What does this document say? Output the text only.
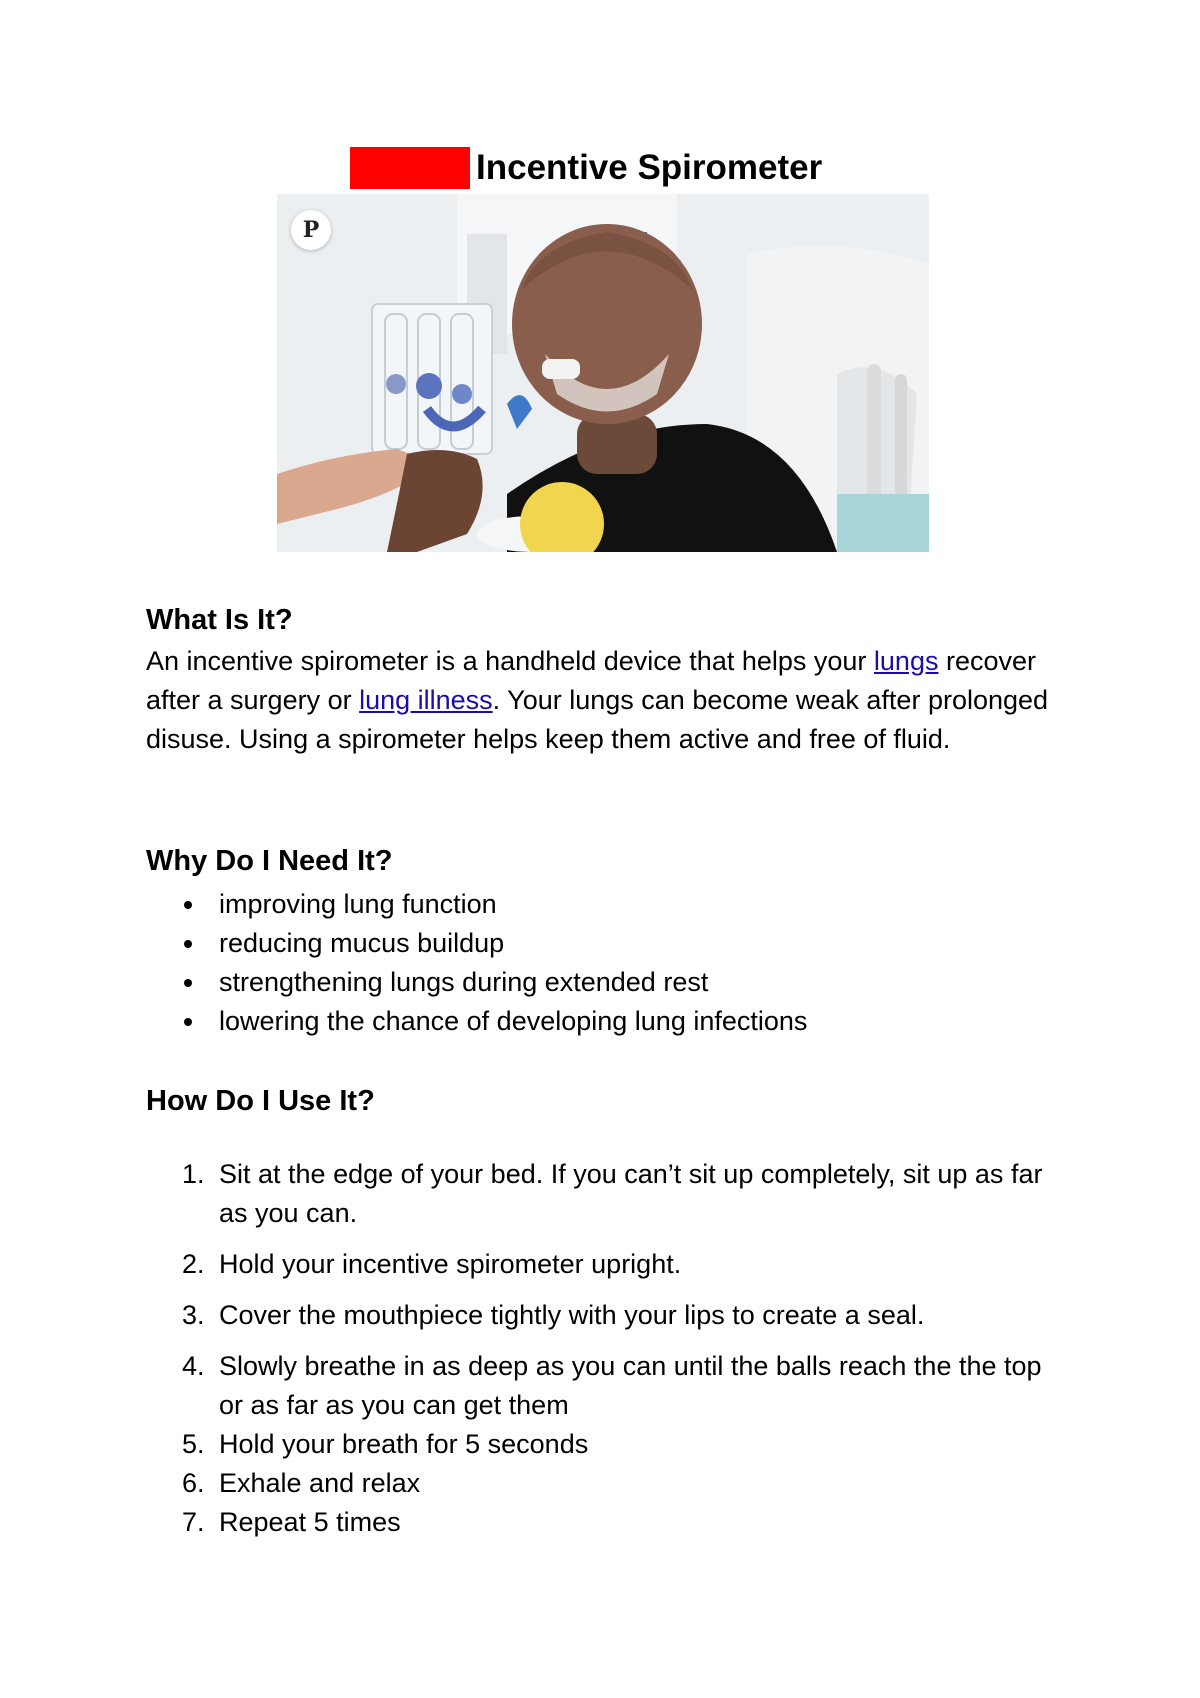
Incentive Spirometer
P
What Is It?

An incentive spirometer is a handheld device that helps your lungs recover after a surgery or lung illness. Your lungs can become weak after prolonged disuse. Using a spirometer helps keep them active and free of fluid.

Why Do I Need It?
improving lung function
reducing mucus buildup
strengthening lungs during extended rest
lowering the chance of developing lung infections
How Do I Use It?
1. Sit at the edge of your bed. If you can’t sit up completely, sit up as far as you can.
2. Hold your incentive spirometer upright.
3. Cover the mouthpiece tightly with your lips to create a seal.
4. Slowly breathe in as deep as you can until the balls reach the the top or as far as you can get them
5. Hold your breath for 5 seconds
6. Exhale and relax
7. Repeat 5 times
